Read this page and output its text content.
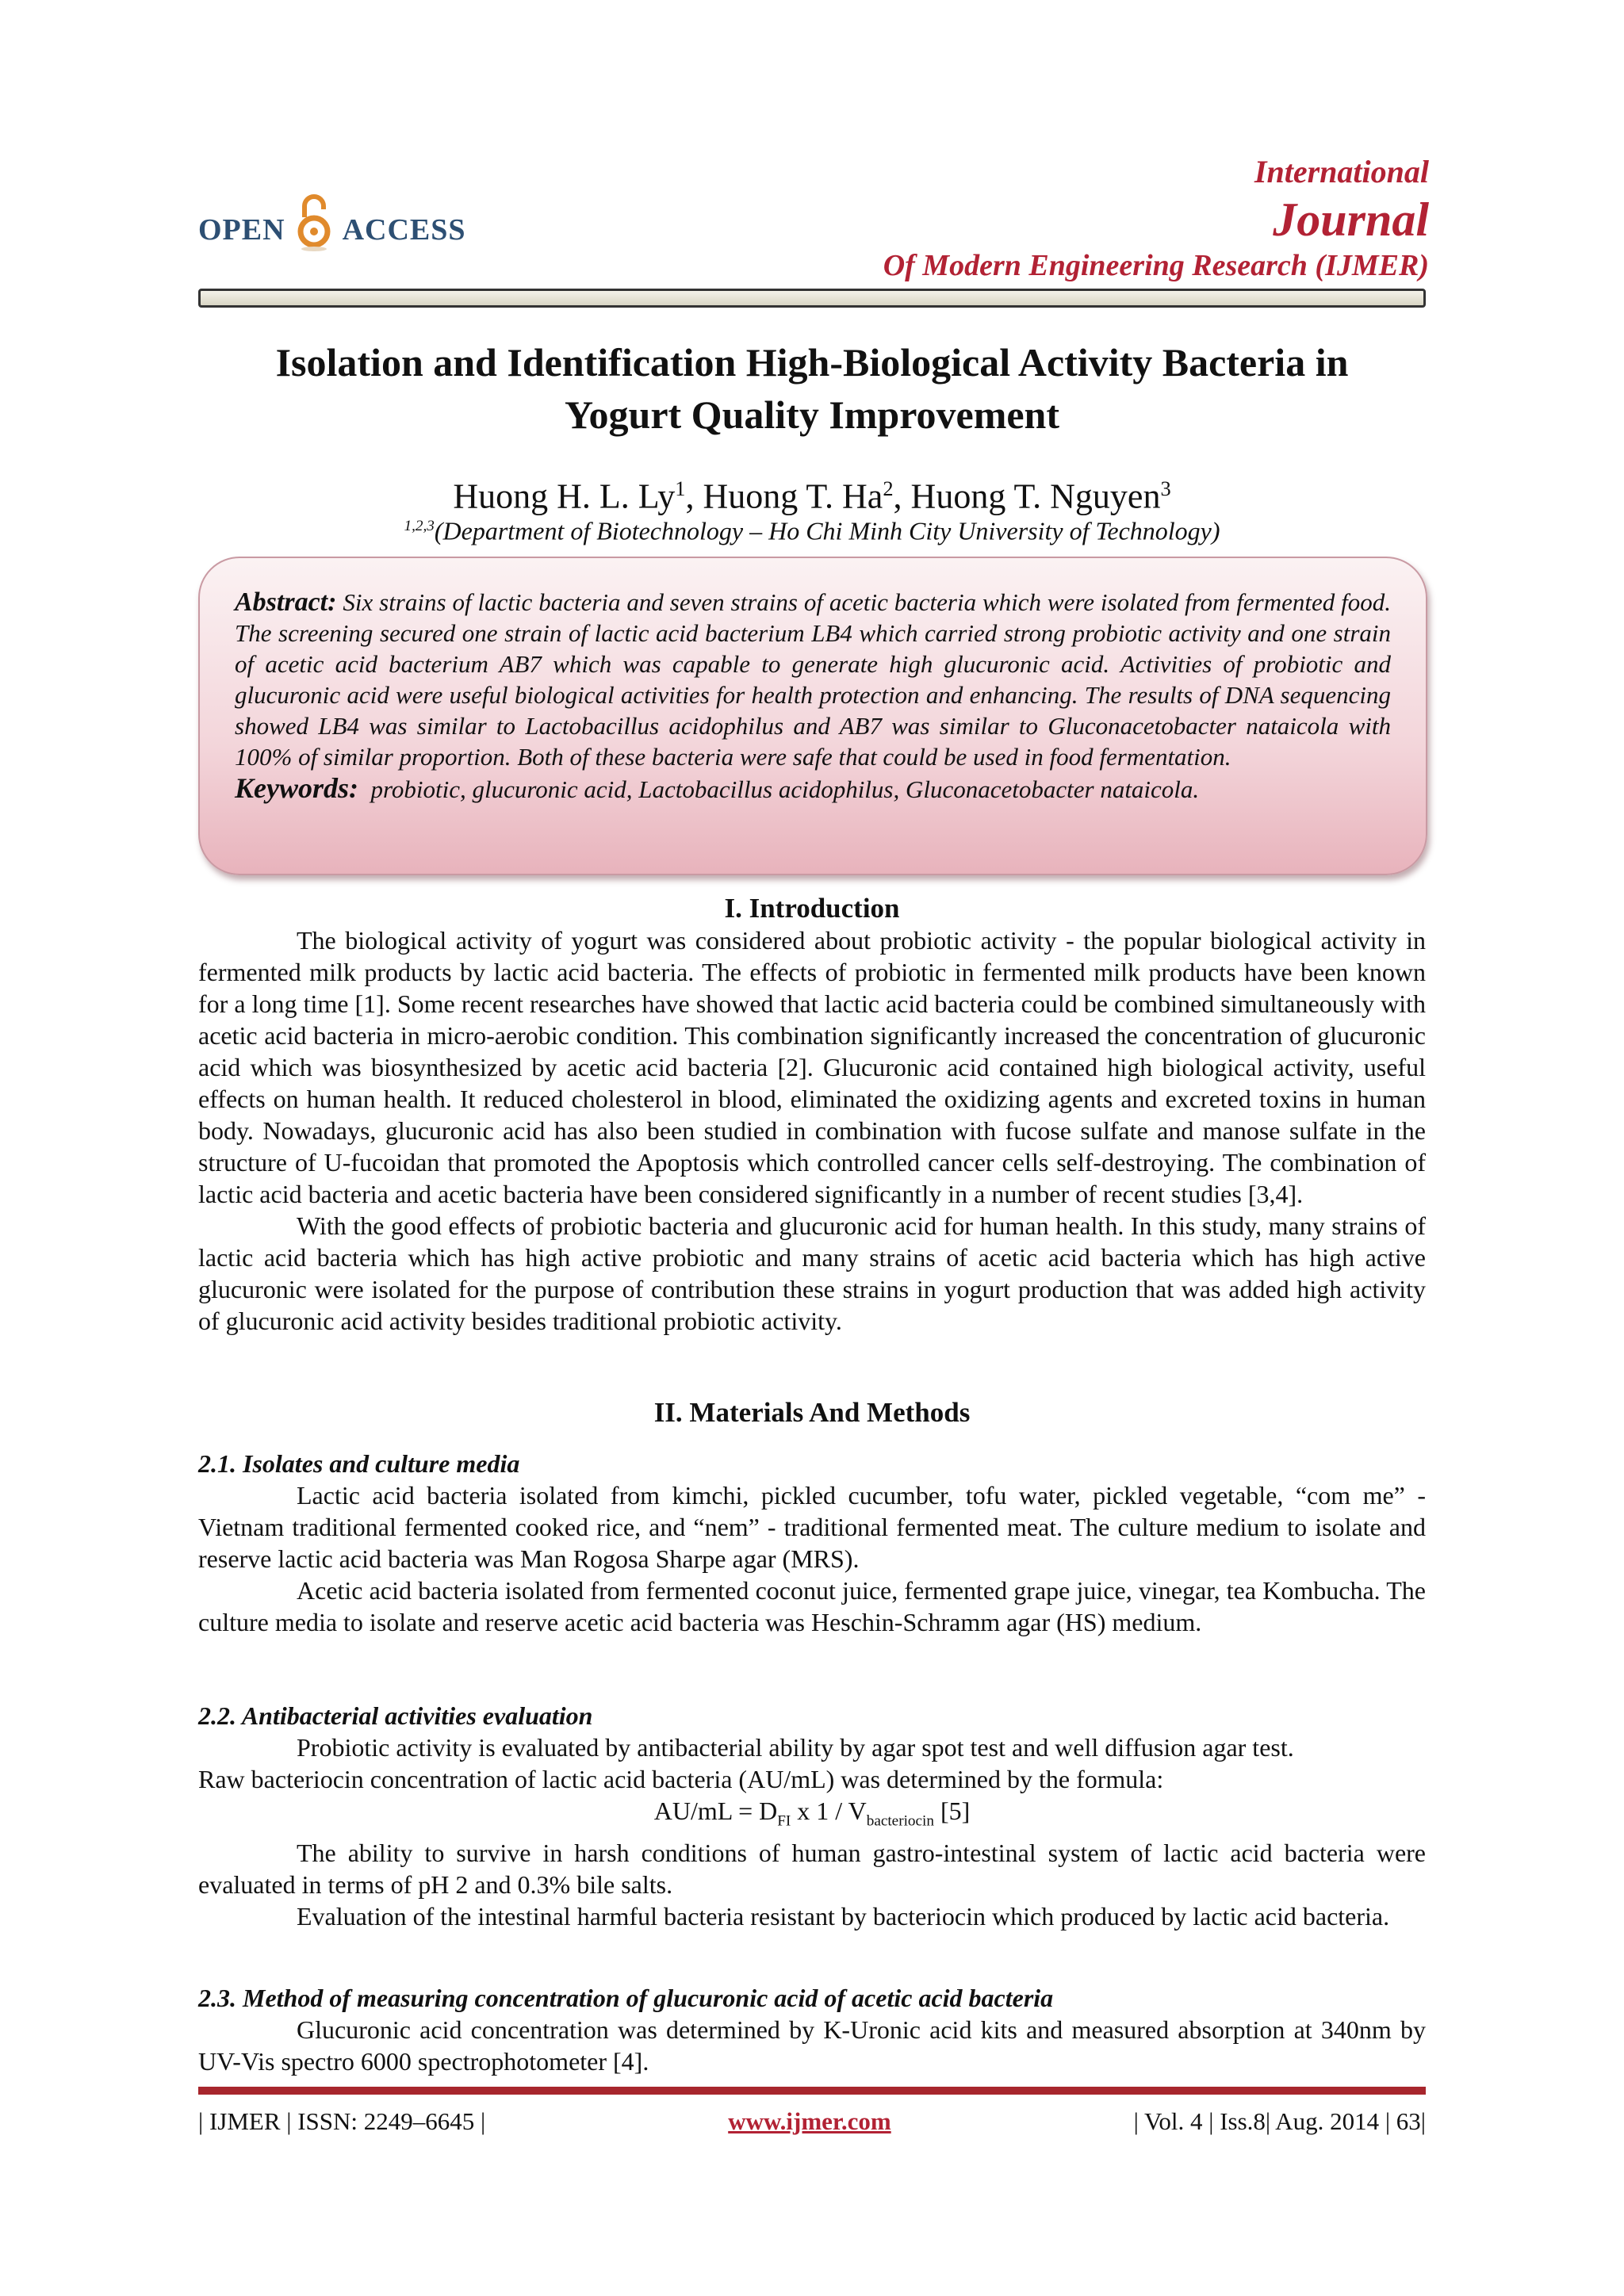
OPEN ACCESS
International
Journal
Of Modern Engineering Research (IJMER)
Isolation and Identification High-Biological Activity Bacteria in
Yogurt Quality Improvement
Huong H. L. Ly$^1$, Huong T. Ha$^2$, Huong T. Nguyen$^3$
$^{1,2,3}$(Department of Biotechnology – Ho Chi Minh City University of Technology)
Abstract: Six strains of lactic bacteria and seven strains of acetic bacteria which were isolated from fermented food. The screening secured one strain of lactic acid bacterium LB4 which carried strong probiotic activity and one strain of acetic acid bacterium AB7 which was capable to generate high glucuronic acid. Activities of probiotic and glucuronic acid were useful biological activities for health protection and enhancing. The results of DNA sequencing showed LB4 was similar to Lactobacillus acidophilus and AB7 was similar to Gluconacetobacter nataicola with 100% of similar proportion. Both of these bacteria were safe that could be used in food fermentation.
Keywords: probiotic, glucuronic acid, Lactobacillus acidophilus, Gluconacetobacter nataicola.
I. Introduction

The biological activity of yogurt was considered about probiotic activity - the popular biological activity in fermented milk products by lactic acid bacteria. The effects of probiotic in fermented milk products have been known for a long time [1]. Some recent researches have showed that lactic acid bacteria could be combined simultaneously with acetic acid bacteria in micro-aerobic condition. This combination significantly increased the concentration of glucuronic acid which was biosynthesized by acetic acid bacteria [2]. Glucuronic acid contained high biological activity, useful effects on human health. It reduced cholesterol in blood, eliminated the oxidizing agents and excreted toxins in human body. Nowadays, glucuronic acid has also been studied in combination with fucose sulfate and manose sulfate in the structure of U-fucoidan that promoted the Apoptosis which controlled cancer cells self-destroying. The combination of lactic acid bacteria and acetic bacteria have been considered significantly in a number of recent studies [3,4].

With the good effects of probiotic bacteria and glucuronic acid for human health. In this study, many strains of lactic acid bacteria which has high active probiotic and many strains of acetic acid bacteria which has high active glucuronic were isolated for the purpose of contribution these strains in yogurt production that was added high activity of glucuronic acid activity besides traditional probiotic activity.

II. Materials And Methods
2.1. Isolates and culture media

Lactic acid bacteria isolated from kimchi, pickled cucumber, tofu water, pickled vegetable, “com me” - Vietnam traditional fermented cooked rice, and “nem” - traditional fermented meat. The culture medium to isolate and reserve lactic acid bacteria was Man Rogosa Sharpe agar (MRS).

Acetic acid bacteria isolated from fermented coconut juice, fermented grape juice, vinegar, tea Kombucha. The culture media to isolate and reserve acetic acid bacteria was Heschin-Schramm agar (HS) medium.

2.2. Antibacterial activities evaluation

Probiotic activity is evaluated by antibacterial ability by agar spot test and well diffusion agar test.

Raw bacteriocin concentration of lactic acid bacteria (AU/mL) was determined by the formula:

$AU/mL = D_{FI}$ x $1 / V_{bacteriocin}$ [5]

The ability to survive in harsh conditions of human gastro-intestinal system of lactic acid bacteria were evaluated in terms of pH 2 and 0.3% bile salts.

Evaluation of the intestinal harmful bacteria resistant by bacteriocin which produced by lactic acid bacteria.

2.3. Method of measuring concentration of glucuronic acid of acetic acid bacteria

Glucuronic acid concentration was determined by K-Uronic acid kits and measured absorption at 340nm by UV-Vis spectro 6000 spectrophotometer [4].

| IJMER | ISSN: 2249–6645 |	www.ijmer.com	| Vol. 4 | Iss.8| Aug. 2014 | 63|
